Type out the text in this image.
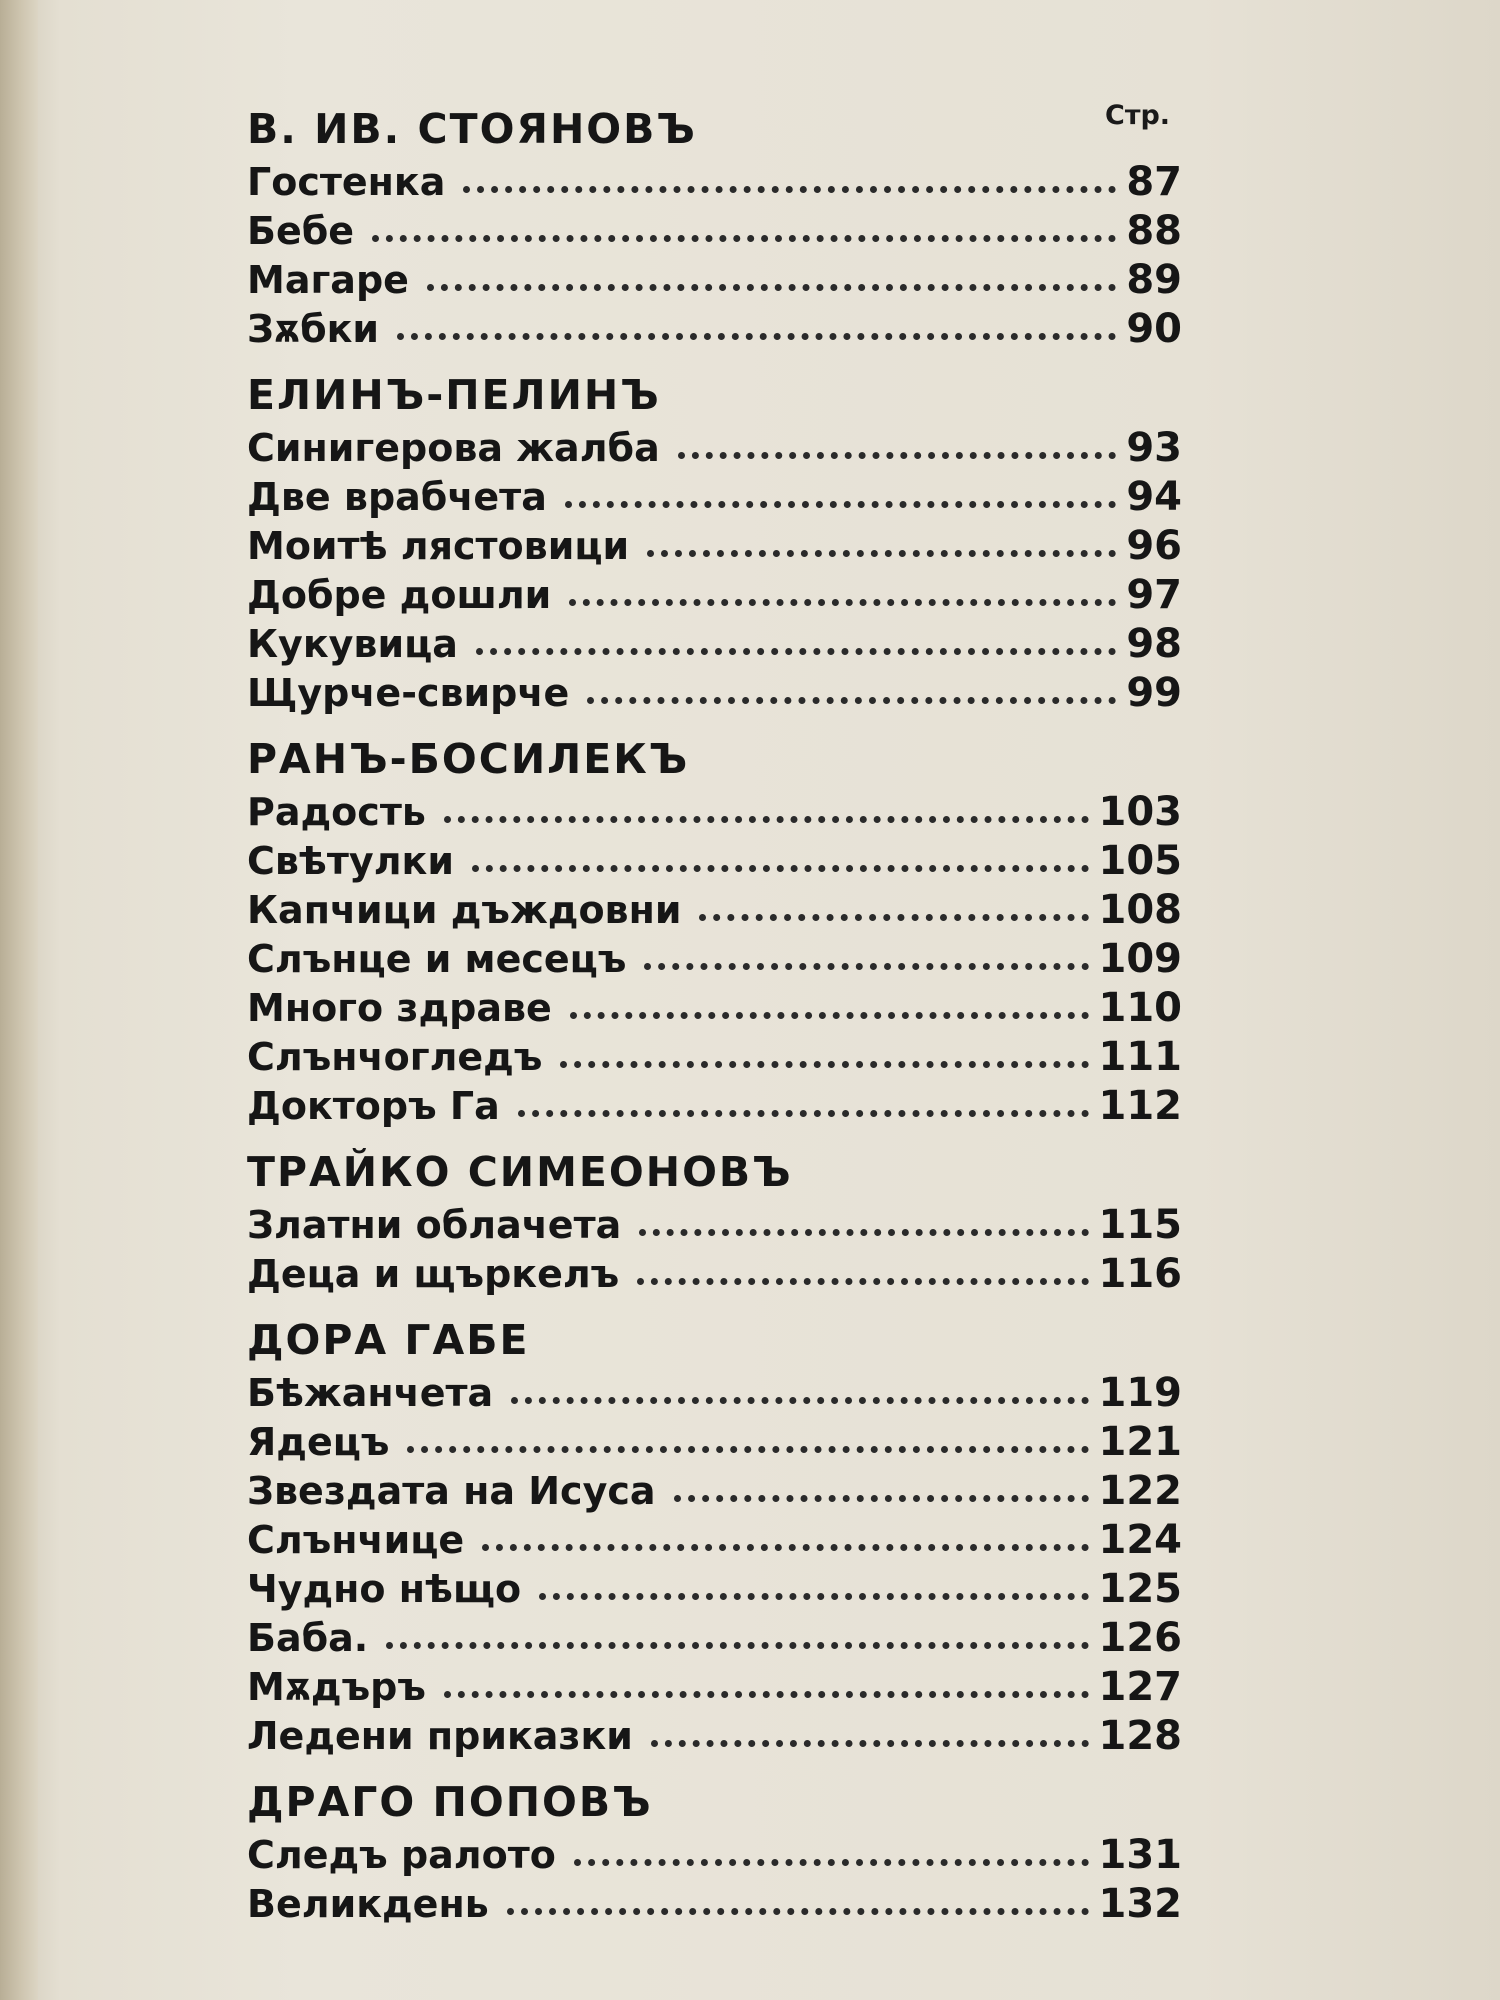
Стр.
В. ИВ. СТОЯНОВЪ
Гостенка	87
Бебе	88
Магаре	89
Зѫбки	90
ЕЛИНЪ-ПЕЛИНЪ
Синигерова жалба	93
Две врабчета	94
Моитѣ лястовици	96
Добре дошли	97
Кукувица	98
Щурче-свирче	99
РАНЪ-БОСИЛЕКЪ
Радость	103
Свѣтулки	105
Капчици дъждовни	108
Слънце и месецъ	109
Много здраве	110
Слънчогледъ	111
Докторъ Га	112
ТРАЙКО СИМЕОНОВЪ
Златни облачета	115
Деца и щъркелъ	116
ДОРА ГАБЕ
Бѣжанчета	119
Ядецъ	121
Звездата на Исуса	122
Слънчице	124
Чудно нѣщо	125
Баба.	126
Мѫдъръ	127
Ледени приказки	128
ДРАГО ПОПОВЪ
Следъ ралото	131
Великдень	132
